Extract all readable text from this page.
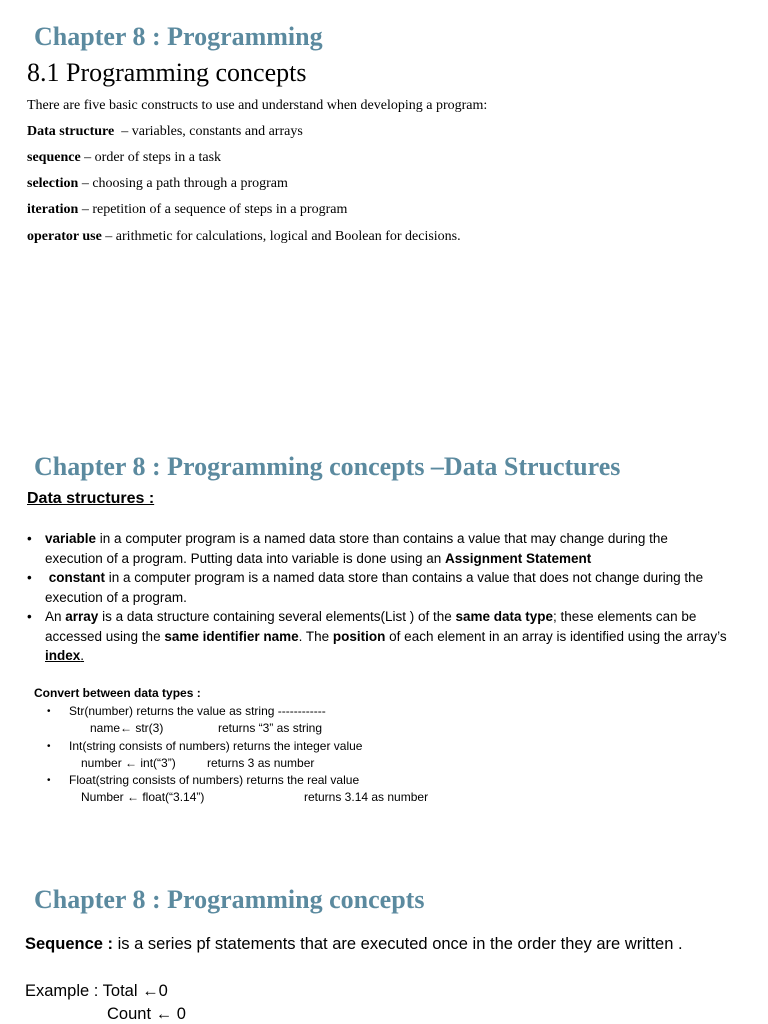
Chapter 8 : Programming
8.1 Programming concepts
There are five basic constructs to use and understand when developing a program:
Data structure  – variables, constants and arrays
sequence – order of steps in a task
selection – choosing a path through a program
iteration – repetition of a sequence of steps in a program
operator use – arithmetic for calculations, logical and Boolean for decisions.
Chapter 8 : Programming concepts –Data Structures
Data structures :
• variable in a computer program is a named data store than contains a value that may change during the execution of a program. Putting data into variable is done using an Assignment Statement
• constant in a computer program is a named data store than contains a value that does not change during the execution of a program.
• An array is a data structure containing several elements(List ) of the same data type; these elements can be accessed using the same identifier name. The position of each element in an array is identified using the array’s index.
Convert between data types :
• Str(number) returns the value as string ------------
name← str(3)	returns “3” as string
• Int(string consists of numbers) returns the integer value
number ← int(“3”)	returns 3 as number
• Float(string consists of numbers) returns the real value
Number ← float(“3.14”)	returns 3.14 as number
Chapter 8 : Programming concepts
Sequence : is a series pf statements that are executed once in the order they are written .
Example : Total ←0
Count ← 0
